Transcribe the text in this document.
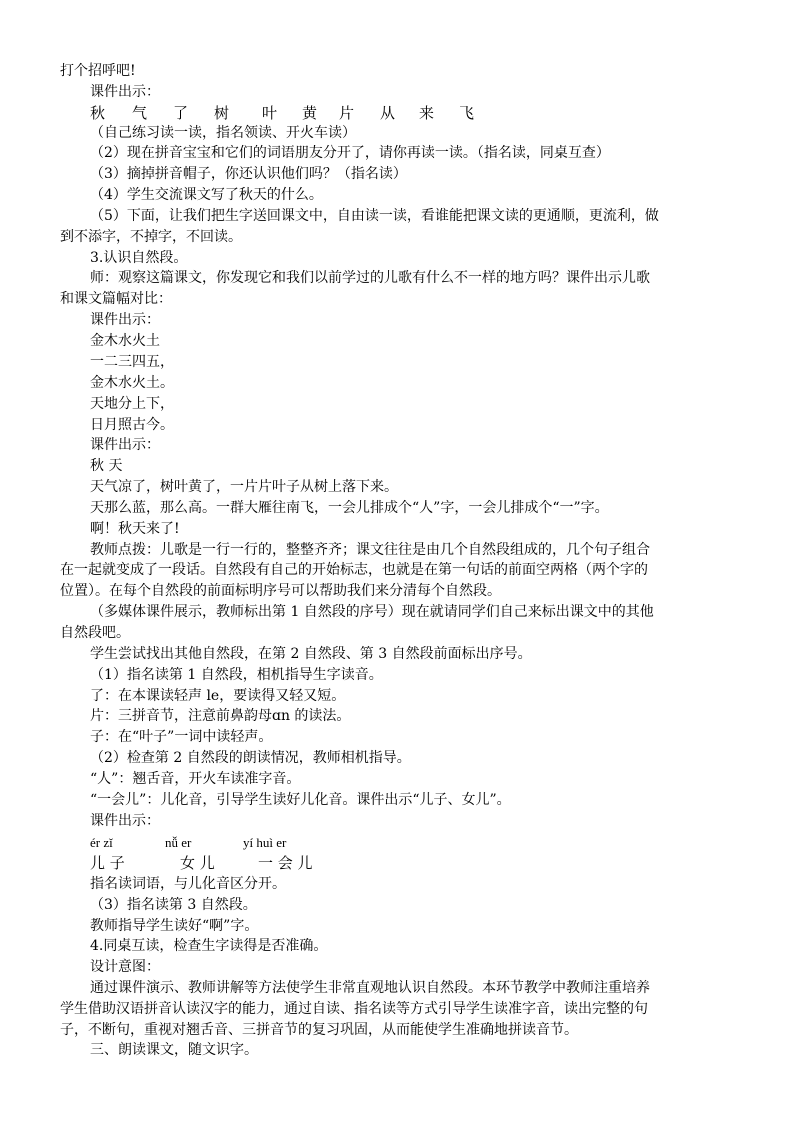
打个招呼吧!
课件出示：
秋 气 了 树 叶 黄 片 从 来 飞
（自己练习读一读，指名领读、开火车读）
（2）现在拼音宝宝和它们的词语朋友分开了，请你再读一读。（指名读，同桌互查）
（3）摘掉拼音帽子，你还认识他们吗？（指名读）
（4）学生交流课文写了秋天的什么。
（5）下面，让我们把生字送回课文中，自由读一读，看谁能把课文读的更通顺，更流利，做
到不添字，不掉字，不回读。
3.认识自然段。
师：观察这篇课文，你发现它和我们以前学过的儿歌有什么不一样的地方吗？课件出示儿歌
和课文篇幅对比：
课件出示：
金木水火土
一二三四五，
金木水火土。
天地分上下，
日月照古今。
课件出示：
秋 天
天气凉了，树叶黄了，一片片叶子从树上落下来。
天那么蓝，那么高。一群大雁往南飞，一会儿排成个“人”字，一会儿排成个“一”字。
啊！秋天来了!
教师点拨：儿歌是一行一行的，整整齐齐；课文往往是由几个自然段组成的，几个句子组合
在一起就变成了一段话。自然段有自己的开始标志，也就是在第一句话的前面空两格（两个字的
位置）。在每个自然段的前面标明序号可以帮助我们来分清每个自然段。
（多媒体课件展示，教师标出第 1 自然段的序号）现在就请同学们自己来标出课文中的其他
自然段吧。
学生尝试找出其他自然段，在第 2 自然段、第 3 自然段前面标出序号。
（1）指名读第 1 自然段，相机指导生字读音。
了：在本课读轻声 le，要读得又轻又短。
片：三拼音节，注意前鼻韵母ɑn 的读法。
子：在“叶子”一词中读轻声。
（2）检查第 2 自然段的朗读情况，教师相机指导。
“人”：翘舌音，开火车读准字音。
“一会儿”：儿化音，引导学生读好儿化音。课件出示“儿子、女儿”。
课件出示：
ér zǐ	nǚ er	yí huì er
儿 子	女 儿	一 会 儿
指名读词语，与儿化音区分开。
（3）指名读第 3 自然段。
教师指导学生读好“啊”字。
4.同桌互读，检查生字读得是否准确。
设计意图：
通过课件演示、教师讲解等方法使学生非常直观地认识自然段。本环节教学中教师注重培养
学生借助汉语拼音认读汉字的能力，通过自读、指名读等方式引导学生读准字音，读出完整的句
子，不断句，重视对翘舌音、三拼音节的复习巩固，从而能使学生准确地拼读音节。
三、朗读课文，随文识字。
